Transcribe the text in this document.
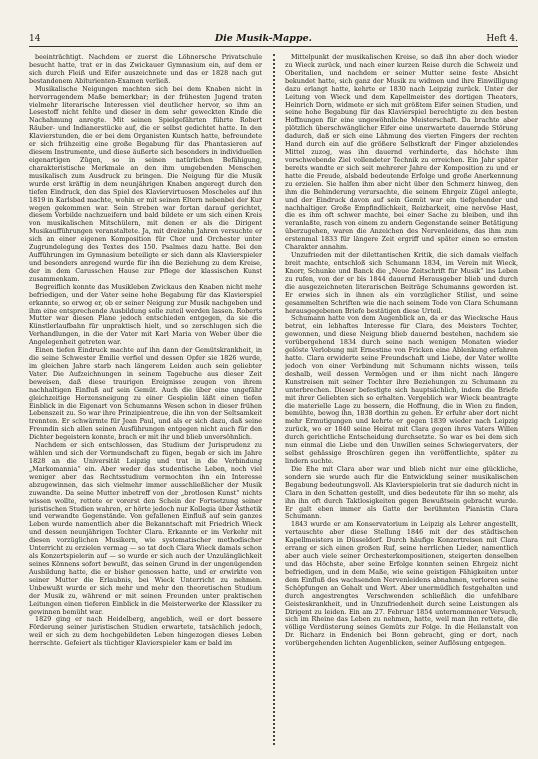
14	Die Musik-Mappe.	Heft 4.

beeinträchtigt. Nachdem er zuerst die Löhnersche Privatschule besucht hatte, trat er in das Zwickauer Gymnasium ein, auf dem er sich durch Fleiß und Eifer auszeichnete und das er 1828 nach gut bestandenem Abiturienten-Examen verließ.

Musikalische Neigungen machten sich bei dem Knaben nicht in hervorragendem Maße bemerkbar; in der frühesten Jugend traten vielmehr literarische Interessen viel deutlicher hervor, so ihm an Lesestoff nicht fehlte und dieser in dem sehr geweckten Kinde die Nachahmung anregte. Mit seinen Spielgefährten führte Robert Räuber- und Indianerstücke auf, die er selbst gedichtet hatte. In den Klavierstunden, die er bei dem Organisten Kuntsch hatte, befreundete er sich frühzeitig eine große Begabung für das Phantasieren auf diesem Instrumente, und diese äußerte sich besonders in individuellen eigenartigen Zügen, so in seinen natürlichen Befähigung, charakteristische Merkmale an den ihm umgebenden Menschen musikalisch zum Ausdruck zu bringen. Die Neigung für die Musik wurde erst kräftig in dem neunjährigen Knaben angeregt durch den tiefen Eindruck, den das Spiel des Klaviervirtuosen Moscheles auf ihn 1819 in Karlsbad machte, wohin er mit seinen Eltern nebenbei der Kur wegen gekommen war. Sein Streben war fortan darauf gerichtet, diesem Vorbilde nachzueifern und bald bildete er um sich einen Kreis von musikalischen Mitschülern, mit denen er als die Dirigent Musikaufführungen veranstaltete. Ja, mit dreizehn Jahren versuchte er sich an einer eigenen Komposition für Chor und Orchester unter Zugrundelegung des Textes des 150. Psalmes dazu hatte. Bei den Aufführungen im Gymnasium beteiligte er sich dann als Klavierspieler und besonders anregend wurde für ihn die Beziehung zu dem Kreise, der in dem Carusschen Hause zur Pflege der klassischen Kunst zusammenkam.

Begreiflich konnte das Musikleben Zwickaus den Knaben nicht mehr befriedigen, und der Vater seine hohe Begabung für das Klavierspiel erkannte, so erwog er, ob er seiner Neigung zur Musik nachgeben und ihm eine entsprechende Ausbildung solle zuteil werden lassen. Roberts Mutter war diesen Plane jedoch entschieden entgegen, da sie die Künstlerlaufbahn für unpraktisch hielt, und so zerschlugen sich die Verhandlungen, in die der Vater mit Karl Maria von Weber über die Angelegenheit getreten war.

Einen tiefen Eindruck machte auf ihn dann der Gemütskrankheit, in die seine Schwester Emilie verfiel und dessen Opfer sie 1826 wurde, im gleichen Jahre starb nach längerem Leiden auch sein geliebter Vater. Die Aufzeichnungen in seinem Tagebuche aus dieser Zeit beweisen, daß diese traurigen Ereignisse zeugen von ihrem nachhaltigen Einfluß auf sein Gemüt. Auch die über eine ungefähr gleichzeitige Herzensneigung zu einer Gespielin läßt einen tiefen Einblick in die Eigenart von Schumanns Wesen schon in dieser frühen Lebenszeit zu. So war ihre Prinzipientreue, die ihn von der Seltsamkeit trennten. Er schwärmte für Jean Paul, und als er sich dazu, daß seine Freundin sich allen seinen Ausführungen entgegen nicht auch für den Dichter begeistern konnte, brach er mit ihr und blieb unversöhnlich.

Nachdem er sich entschlossen, das Studium der Jurisprudenz zu wählen und sich der Vormundschaft zu fügen, begab er sich im Jahre 1828 an die Universität Leipzig und trat in die Verbindung „Markomannia“ ein. Aber weder das studentische Leben, noch viel weniger aber das Rechtsstudium vermochten ihn ein Interesse abzugewinnen, das sich vielmehr immer ausschließlicher der Musik zuwandte. Da seine Mutter inbetreff von der „brotlosen Kunst“ nichts wissen wollte, rettete er vorerst den Schein der Fortsetzung seiner juristischen Studien wahren, er hörte jedoch nur Kollegia über Ästhetik und verwandte Gegenstände. Von gefallenen Einfluß auf sein ganzes Leben wurde namentlich aber die Bekanntschaft mit Friedrich Wieck und dessen neunjährigen Tochter Clara. Erkannte er im Verkehr mit diesen vorzüglichen Musikern, wie systematischer methodischer Unterricht zu erzielen vermag — so tat doch Clara Wieck damals schon als Konzertspielerin auf — so wurde er sich auch der Unzulänglichkeit seines Könnens sofort bewußt, das seinen Grund in der ungenügenden Ausbildung hatte, die er bisher genossen hatte, und er erwirkte von seiner Mutter die Erlaubnis, bei Wieck Unterricht zu nehmen. Unbewußt wurde er sich mehr und mehr den theoretischen Studium der Musik zu, während er mit seinen Freunden unter praktischen Leitungen einen tieferen Einblick in die Meisterwerke der Klassiker zu gewinnen bemüht war.

1829 ging er nach Heidelberg, angeblich, weil er dort bessere Förderung seiner juristischen Studien erwartete, tatsächlich jedoch, weil er sich zu dem hochgebildeten Leben hingezogen dieses Leben herrschte. Gefeiert als tüchtiger Klavierspieler kam er bald im

Mittelpunkt der musikalischen Kreise, so daß ihn aber doch wieder zu Wieck zurück, und nach einer kurzen Reise durch die Schweiz und Oberitalien, und nachdem er seiner Mutter seine feste Absicht bekundet hatte, sich ganz der Musik zu widmen und ihre Einwilligung dazu erlangt hatte, kehrte er 1830 nach Leipzig zurück. Unter der Leitung von Wieck und dem Kapellmeister des dortigen Theaters, Heinrich Dorn, widmete er sich mit größtem Eifer seinen Studien, und seine hohe Begabung für das Klavierspiel berechtigte zu den besten Hoffnungen für eine ungewöhnliche Meisterschaft. Da brachte aber plötzlich überschwänglicher Eifer eine unerwartete dauernde Störung dadurch, daß er sich eine Lähmung des vierten Fingers der rechten Hand durch ein auf die größere Selbstkraft der Finger abzielendes Mittel zuzog, was ihn dauernd verhinderte, das höchste ihm vorschwebende Ziel vollendeter Technik zu erreichen. Ein Jahr später bereits wandte er sich seit mehrerer Jahre der Komposition zu und er hatte die Freude, alsbald bedeutende Erfolge und große Anerkennung zu erzielen. Sie halfen ihm aber nicht über den Schmerz hinweg, den ihm die Behinderung verursachte, die seinem Ehrgeiz Zügel anlegte, und der Eindruck davon auf sein Gemüt war ein tiefgehender und nachhaltiger. Große Empfindlichkeit, Reizbarkeit, eine nervöse Hast, die es ihm oft schwer machte, bei einer Sache zu bleiben, und ihn veranlaßte, rasch von einem zu andern Gegenstande seiner Betätigung überzugehen, waren die Anzeichen des Nervenleidens, das ihm zum erstenmal 1833 für längere Zeit ergriff und später einen so ernsten Charakter annahm.

Unzufrieden mit der dilettantischen Kritik, die sich damals vielfach breit machte, entschloß sich Schumann 1834, im Verein mit Wieck, Knorr, Schunke und Banck die „Neue Zeitschrift für Musik“ ins Leben zu rufen, von der er bis 1844 dauernd Herausgeber blieb und durch die ausgezeichneten literarischen Beiträge Schumanns geworden ist. Er erwies sich in ihnen als ein vorzüglicher Stilist, und seine gesammelten Schriften wie die nach seinem Tode von Clara Schumann herausgegebenen Briefe bestätigen diese Urteil.

Schumann hatte von dem Augenblick an, da er das Wiecksche Haus betrat, ein lebhaftes Interesse für Clara, des Meisters Tochter, gewonnen, und diese Neigung blieb dauernd bestehen, nachdem sie vorübergehend 1834 durch seine nach wenigen Monaten wieder gelöste Verlobung mit Ernestine von Fricken eine Ablenkung erfahren hatte. Clara erwiderte seine Freundschaft und Liebe, der Vater wollte jedoch von einer Verbindung mit Schumann nichts wissen, teils deshalb, weil dessen Vermögen und er ihm nicht nach längere Kunstreisen mit seiner Tochter ihre Beziehungen zu Schumann zu unterbrechen. Dieser befestigte sich hauptsächlich, indem die Briefe mit ihrer Geliebten sich so erhalten. Vergeblich war Wieck beantragte die materielle Lage zu bessern, die Hoffnung, die in Wien zu finden, bemühte, bewog ihn, 1838 dorthin zu gehen. Er erfuhr aber dort nicht mehr Ermutigungen und kehrte er gegen 1839 wieder nach Leipzig zurück, wo er 1840 seine Heirat mit Clara gegen ihres Vaters Willen durch gerichtliche Entscheidung durchsetzte. So war es bei dem sich nun einmal die Liebe und den Unwillen seines Schwiegervaters, der selbst gehässige Broschüren gegen ihn veröffentlichte, später zu lindern suchte.

Die Ehe mit Clara aber war und blieb nicht nur eine glückliche, sondern sie wurde auch für die Entwicklung seiner musikalischen Begabung bedeutungsvoll. Als Klavierspielerin trat sie dadurch nicht in Clara in den Schatten gestellt, und dies bedeutete für ihn so mehr, als ihn ihn oft durch Taktlosigkeiten gegen Bewußtsein gebracht wurde. Er galt eben immer als Gatte der berühmten Pianistin Clara Schumann.

1843 wurde er am Konservatorium in Leipzig als Lehrer angestellt, vertauschte aber diese Stellung 1846 mit der des städtischen Kapellmeisters in Düsseldorf. Durch häufige Konzertreisen mit Clara errang er sich einen großen Ruf, seine herrlichen Lieder, namentlich aber auch viele seiner Orchesterkompositionen, steigerten denselben und das Höchste, aber seine Erfolge konnten seinen Ehrgeiz nicht befriedigen, und in dem Maße, wie seine geistigen Fähigkeiten unter dem Einfluß des wachsenden Nervenleidens abnahmen, verloren seine Schöpfungen an Gehalt und Wert. Aber unermüdlich festgehalten und durch angestrengtes Verschwenden schließlich die unfehlbare Geisteskrankheit, und in Unzufriedenheit durch seine Leistungen als Dirigent zu leiden. Ein am 27. Februar 1854 unternommener Versuch, sich im Rheine das Leben zu nehmen, hatte, weil man ihn rettete, die völlige Verdüsterung seines Gemüts zur Folge. In die Heilanstalt von Dr. Richarz in Endenich bei Bonn gebracht, ging er dort, nach vorübergehenden lichten Augenblicken, seiner Auflösung entgegen.
